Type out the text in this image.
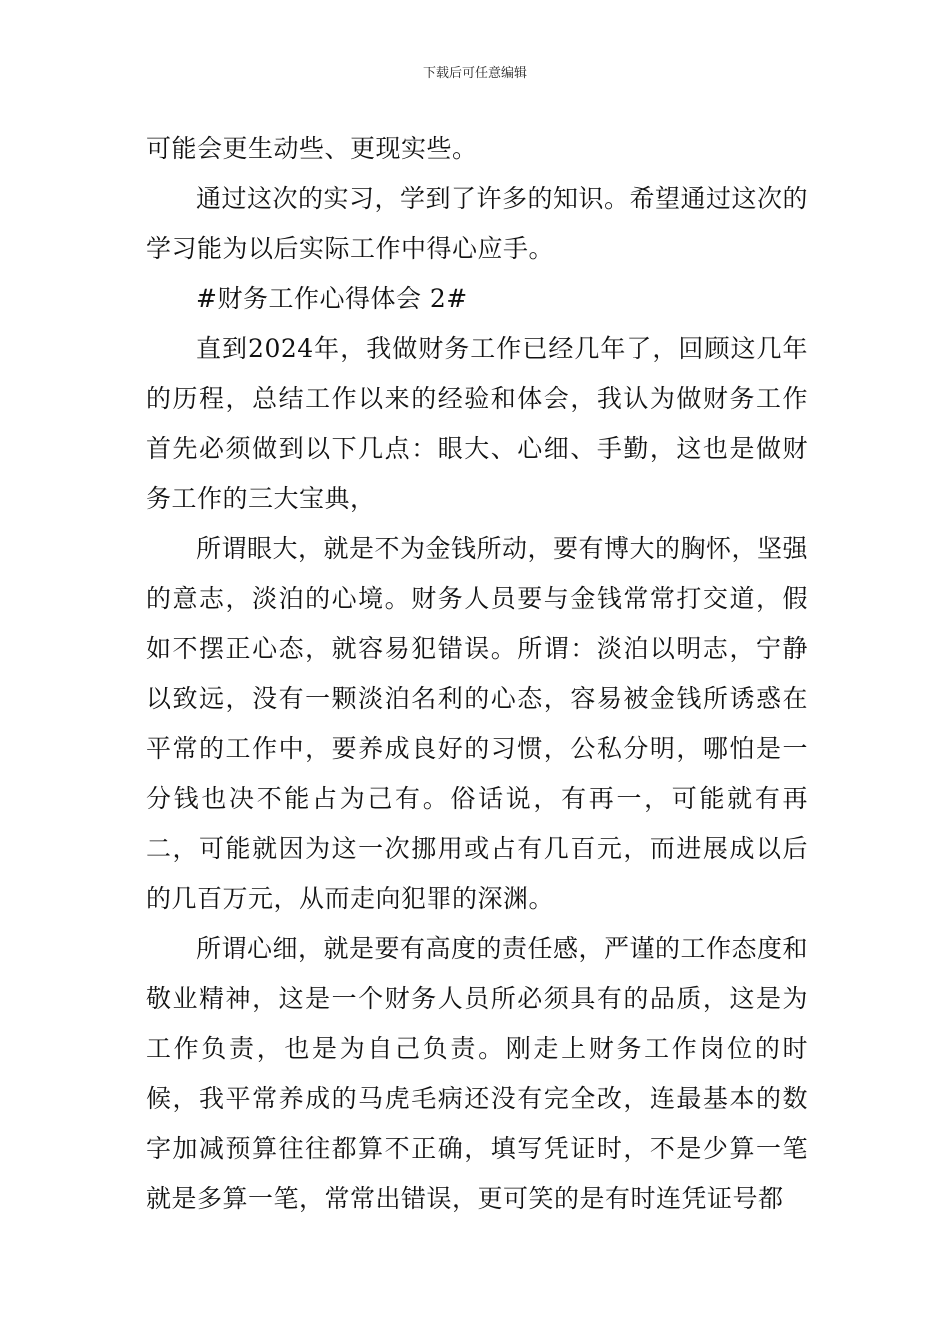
下载后可任意编辑

可能会更生动些、更现实些。

通过这次的实习，学到了许多的知识。希望通过这次的学习能为以后实际工作中得心应手。

#财务工作心得体会 2#

直到2024年，我做财务工作已经几年了，回顾这几年的历程，总结工作以来的经验和体会，我认为做财务工作首先必须做到以下几点：眼大、心细、手勤，这也是做财务工作的三大宝典，

所谓眼大，就是不为金钱所动，要有博大的胸怀，坚强的意志，淡泊的心境。财务人员要与金钱常常打交道，假如不摆正心态，就容易犯错误。所谓：淡泊以明志，宁静以致远，没有一颗淡泊名利的心态，容易被金钱所诱惑在平常的工作中，要养成良好的习惯，公私分明，哪怕是一分钱也决不能占为己有。俗话说，有再一，可能就有再二，可能就因为这一次挪用或占有几百元，而进展成以后的几百万元，从而走向犯罪的深渊。

所谓心细，就是要有高度的责任感，严谨的工作态度和敬业精神，这是一个财务人员所必须具有的品质，这是为工作负责，也是为自己负责。刚走上财务工作岗位的时候，我平常养成的马虎毛病还没有完全改，连最基本的数字加减预算往往都算不正确，填写凭证时，不是少算一笔就是多算一笔，常常出错误，更可笑的是有时连凭证号都
